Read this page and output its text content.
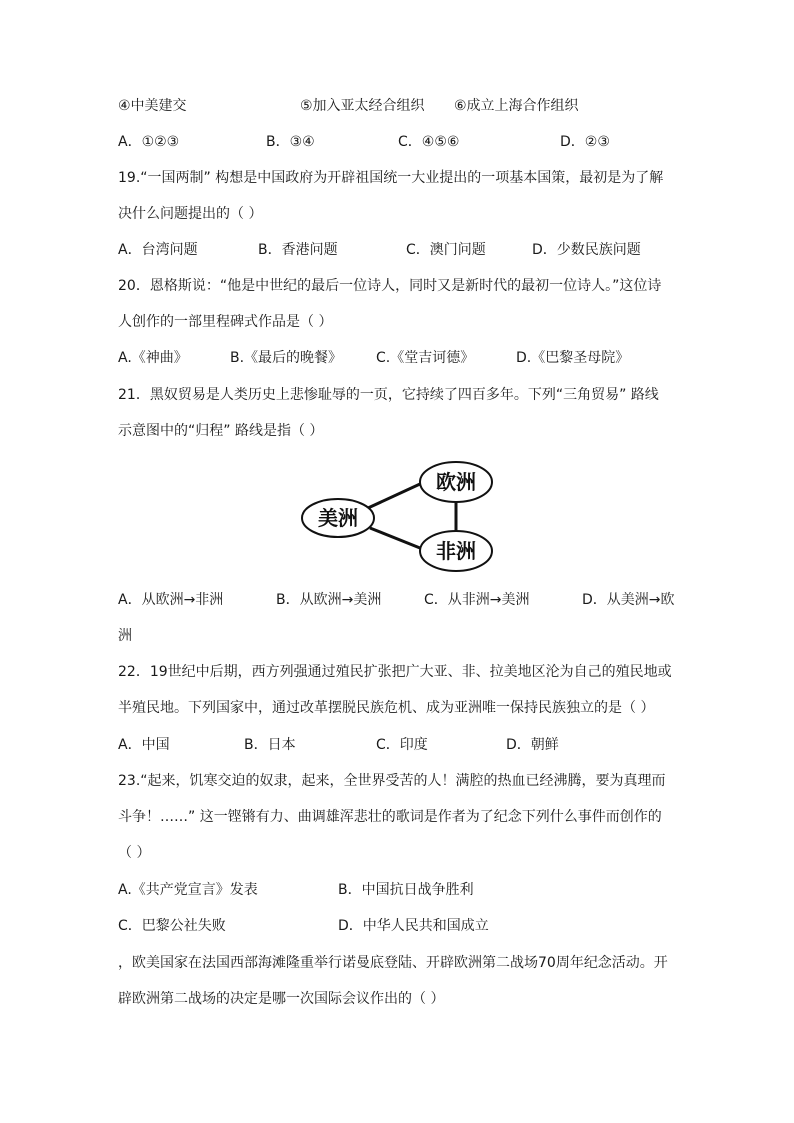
④中美建交	⑤加入亚太经合组织 ⑥成立上海合作组织
A．①②③	B．③④	C．④⑤⑥	D．②③
19.“一国两制” 构想是中国政府为开辟祖国统一大业提出的一项基本国策，最初是为了解
决什么问题提出的（ ）
A．台湾问题	B．香港问题	C．澳门问题	D．少数民族问题
20．恩格斯说：“他是中世纪的最后一位诗人，同时又是新时代的最初一位诗人。”这位诗
人创作的一部里程碑式作品是（ ）
A.《神曲》	B.《最后的晚餐》 C.《堂吉诃德》	D.《巴黎圣母院》
21．黑奴贸易是人类历史上悲惨耻辱的一页，它持续了四百多年。下列“三角贸易” 路线
示意图中的“归程” 路线是指（ ）
欧洲
美洲
非洲
A．从欧洲→非洲	B．从欧洲→美洲	C．从非洲→美洲	D．从美洲→欧
洲
22．19世纪中后期，西方列强通过殖民扩张把广大亚、非、拉美地区沦为自己的殖民地或
半殖民地。下列国家中，通过改革摆脱民族危机、成为亚洲唯一保持民族独立的是（ ）
A．中国	B．日本	C．印度	D．朝鲜
23.“起来，饥寒交迫的奴隶，起来，全世界受苦的人！满腔的热血已经沸腾，要为真理而
斗争！……” 这一铿锵有力、曲调雄浑悲壮的歌词是作者为了纪念下列什么事件而创作的
（ ）
A.《共产党宣言》发表	B．中国抗日战争胜利
C．巴黎公社失败	D．中华人民共和国成立
，欧美国家在法国西部海滩隆重举行诺曼底登陆、开辟欧洲第二战场70周年纪念活动。开
辟欧洲第二战场的决定是哪一次国际会议作出的（ ）
